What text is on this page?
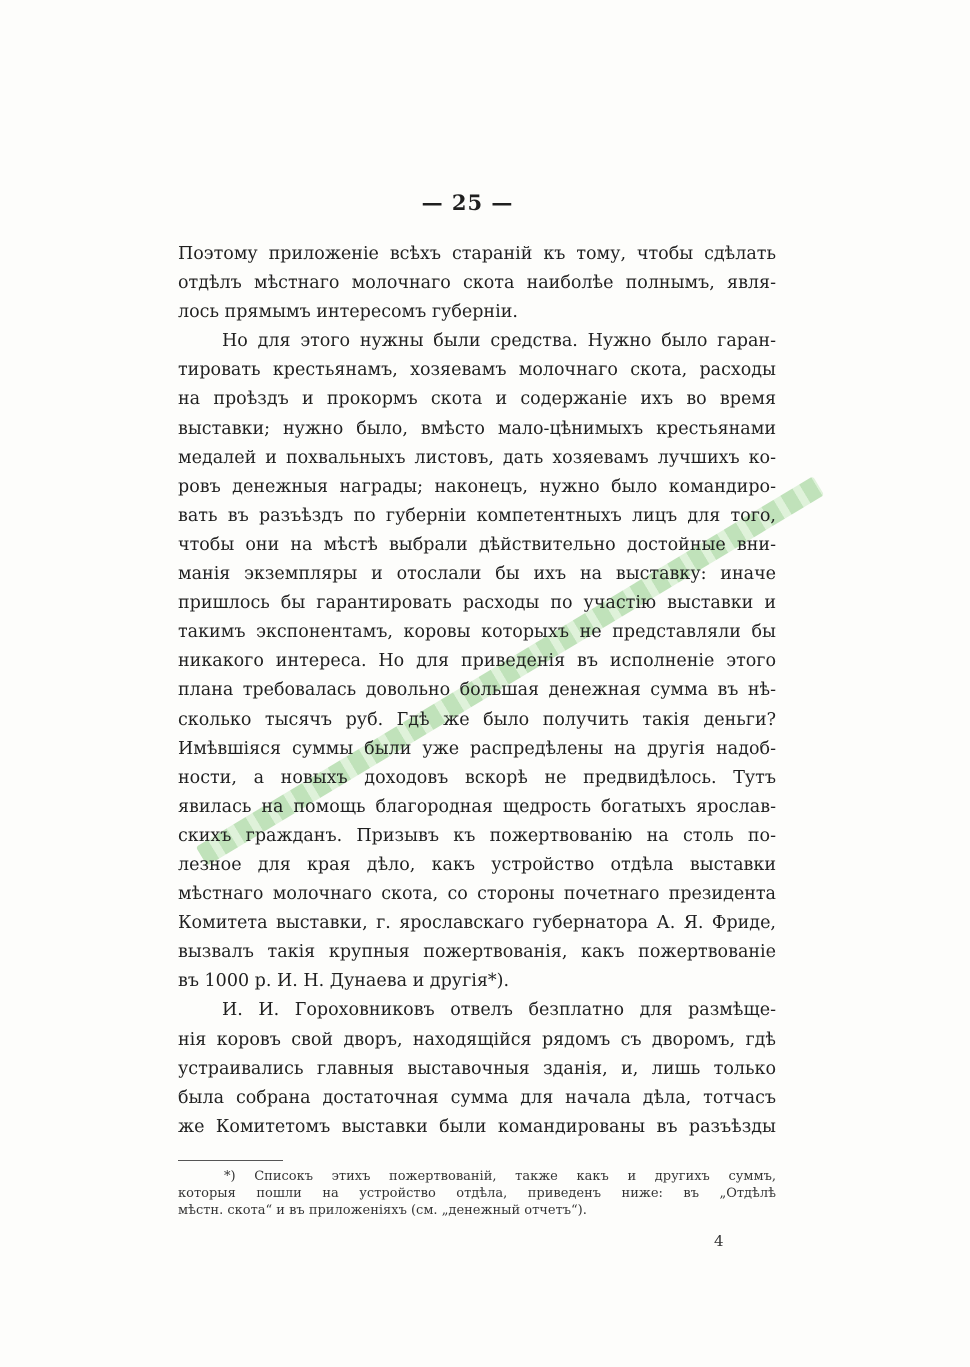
— 25 —
Поэтому приложеніе всѣхъ стараній къ тому, чтобы сдѣлать
отдѣлъ мѣстнаго молочнаго скота наиболѣе полнымъ, явля-
лось прямымъ интересомъ губерніи.
Но для этого нужны были средства. Нужно было гаран-
тировать крестьянамъ, хозяевамъ молочнаго скота, расходы
на проѣздъ и прокормъ скота и содержаніе ихъ во время
выставки; нужно было, вмѣсто мало-цѣнимыхъ крестьянами
медалей и похвальныхъ листовъ, дать хозяевамъ лучшихъ ко-
ровъ денежныя награды; наконецъ, нужно было командиро-
вать въ разъѣздъ по губерніи компетентныхъ лицъ для того,
чтобы они на мѣстѣ выбрали дѣйствительно достойные вни-
манія экземпляры и отослали бы ихъ на выставку: иначе
пришлось бы гарантировать расходы по участію выставки и
такимъ экспонентамъ, коровы которыхъ не представляли бы
никакого интереса. Но для приведенія въ исполненіе этого
плана требовалась довольно большая денежная сумма въ нѣ-
сколько тысячъ руб. Гдѣ же было получить такія деньги?
Имѣвшіяся суммы были уже распредѣлены на другія надоб-
ности, а новыхъ доходовъ вскорѣ не предвидѣлось. Тутъ
явилась на помощь благородная щедрость богатыхъ ярослав-
скихъ гражданъ. Призывъ къ пожертвованію на столь по-
лезное для края дѣло, какъ устройство отдѣла выставки
мѣстнаго молочнаго скота, со стороны почетнаго президента
Комитета выставки, г. ярославскаго губернатора А. Я. Фриде,
вызвалъ такія крупныя пожертвованія, какъ пожертвованіе
въ 1000 р. И. Н. Дунаева и другія*).
И. И. Гороховниковъ отвелъ безплатно для размѣще-
нія коровъ свой дворъ, находящійся рядомъ съ дворомъ, гдѣ
устраивались главныя выставочныя зданія, и, лишь только
была собрана достаточная сумма для начала дѣла, тотчасъ
же Комитетомъ выставки были командированы въ разъѣзды
*) Списокъ этихъ пожертвованій, также какъ и другихъ суммъ,
которыя пошли на устройство отдѣла, приведенъ ниже: въ „Отдѣлѣ
мѣстн. скота“ и въ приложеніяхъ (см. „денежный отчетъ“).
4
